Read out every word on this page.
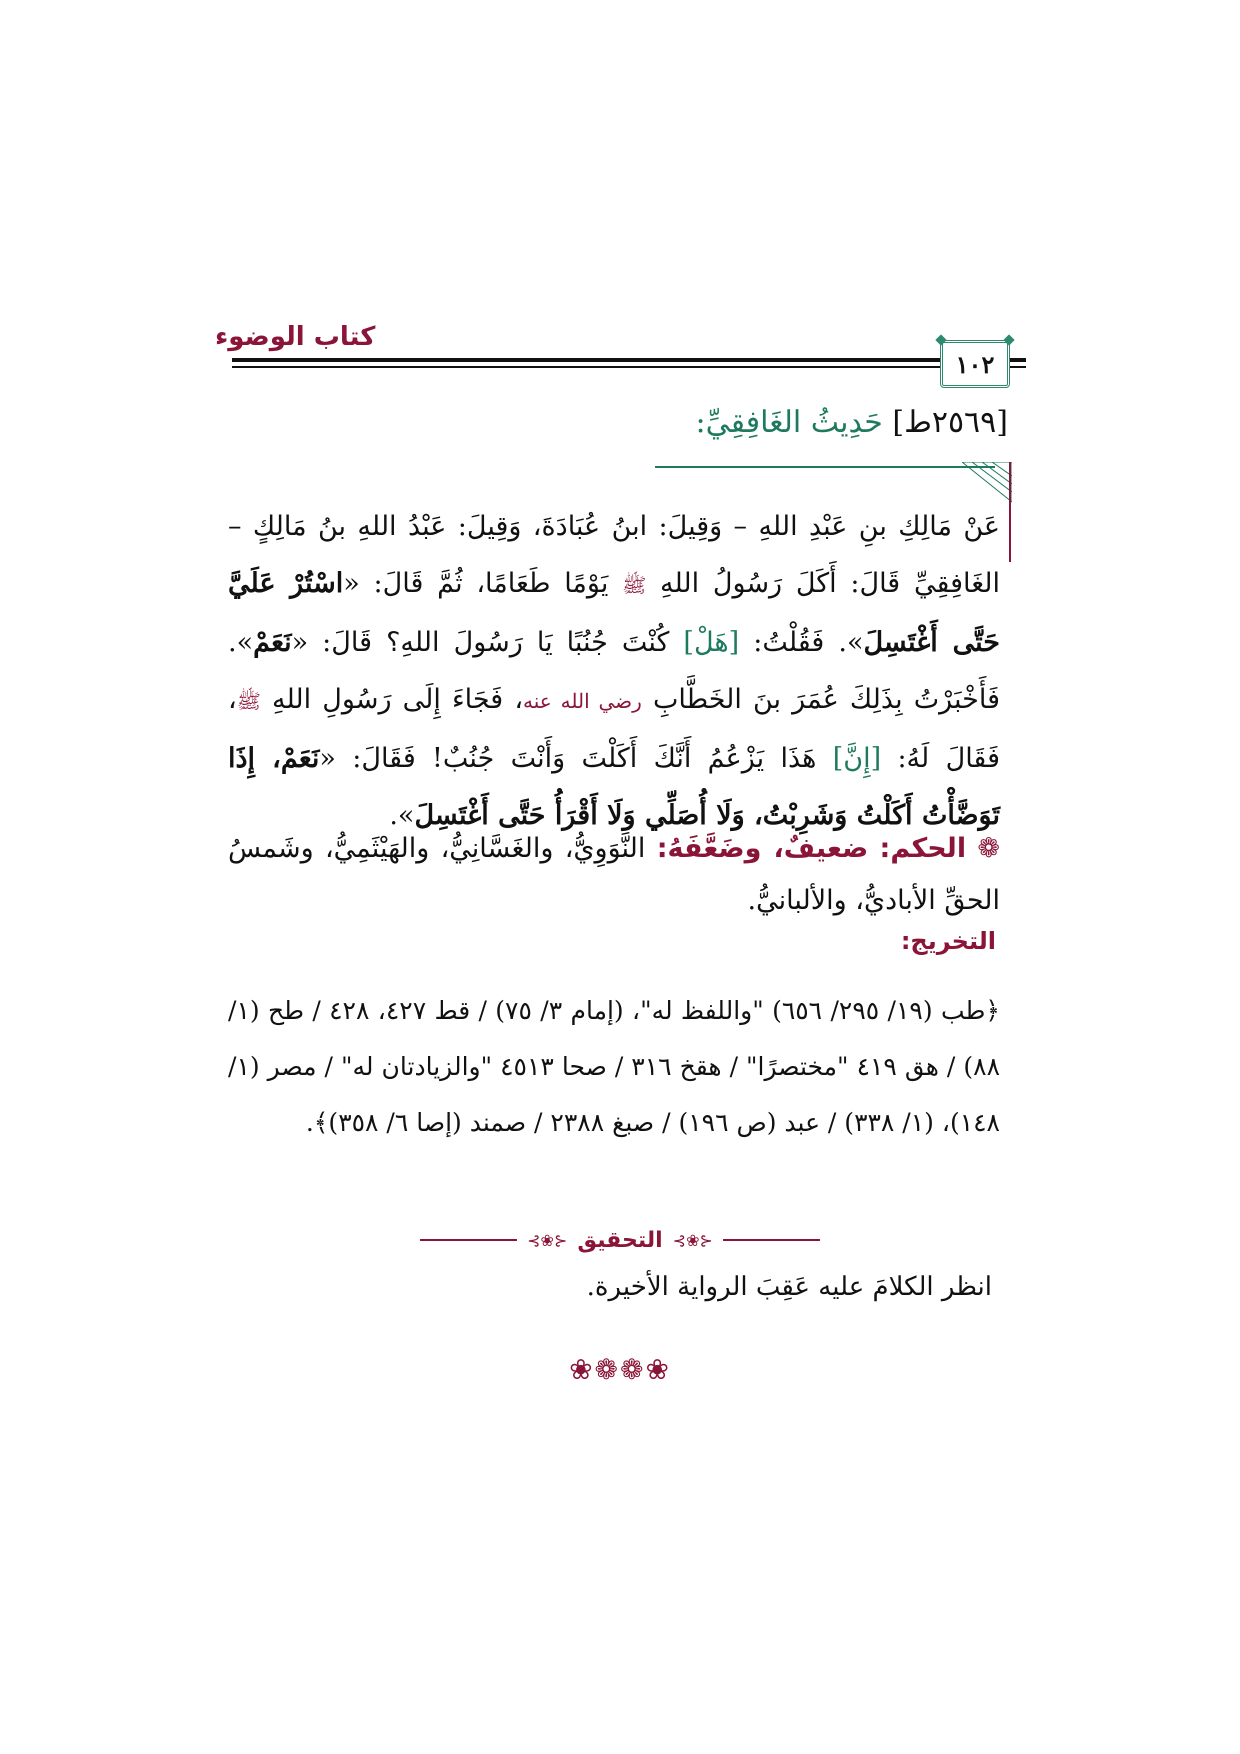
كتاب الوضوء
١٠٢
[٢٥٦٩ط] حَدِيثُ الغَافِقِيِّ:
عَنْ مَالِكِ بنِ عَبْدِ اللهِ – وَقِيلَ: ابنُ عُبَادَةَ، وَقِيلَ: عَبْدُ اللهِ بنُ مَالِكٍ – الغَافِقِيِّ قَالَ: أَكَلَ رَسُولُ اللهِ ﷺ يَوْمًا طَعَامًا، ثُمَّ قَالَ: «اسْتُرْ عَلَيَّ حَتَّى أَغْتَسِلَ». فَقُلْتُ: [هَلْ] كُنْتَ جُنُبًا يَا رَسُولَ اللهِ؟ قَالَ: «نَعَمْ». فَأَخْبَرْتُ بِذَلِكَ عُمَرَ بنَ الخَطَّابِ رضي الله عنه، فَجَاءَ إِلَى رَسُولِ اللهِ ﷺ، فَقَالَ لَهُ: [إِنَّ] هَذَا يَزْعُمُ أَنَّكَ أَكَلْتَ وَأَنْتَ جُنُبٌ! فَقَالَ: «نَعَمْ، إِذَا تَوَضَّأْتُ أَكَلْتُ وَشَرِبْتُ، وَلَا أُصَلِّي وَلَا أَقْرَأُ حَتَّى أَغْتَسِلَ».
❁ الحكم: ضعيفٌ، وضَعَّفَهُ: النَّوَوِيُّ، والغَسَّانِيُّ، والهَيْثَمِيُّ، وشَمسُ الحقِّ الأباديُّ، والألبانيُّ.
التخريج:
﴿طب (١٩/ ٢٩٥/ ٦٥٦) "واللفظ له"، (إمام ٣/ ٧٥) / قط ٤٢٧، ٤٢٨ / طح (١/ ٨٨) / هق ٤١٩ "مختصرًا" / هقخ ٣١٦ / صحا ٤٥١٣ "والزيادتان له" / مصر (١/ ١٤٨)، (١/ ٣٣٨) / عبد (ص ١٩٦) / صبغ ٢٣٨٨ / صمند (إصا ٦/ ٣٥٨)﴾.
⊰❀⊱ التحقيق ⊰❀⊱
انظر الكلامَ عليه عَقِبَ الرواية الأخيرة.
❀❁❁❀
